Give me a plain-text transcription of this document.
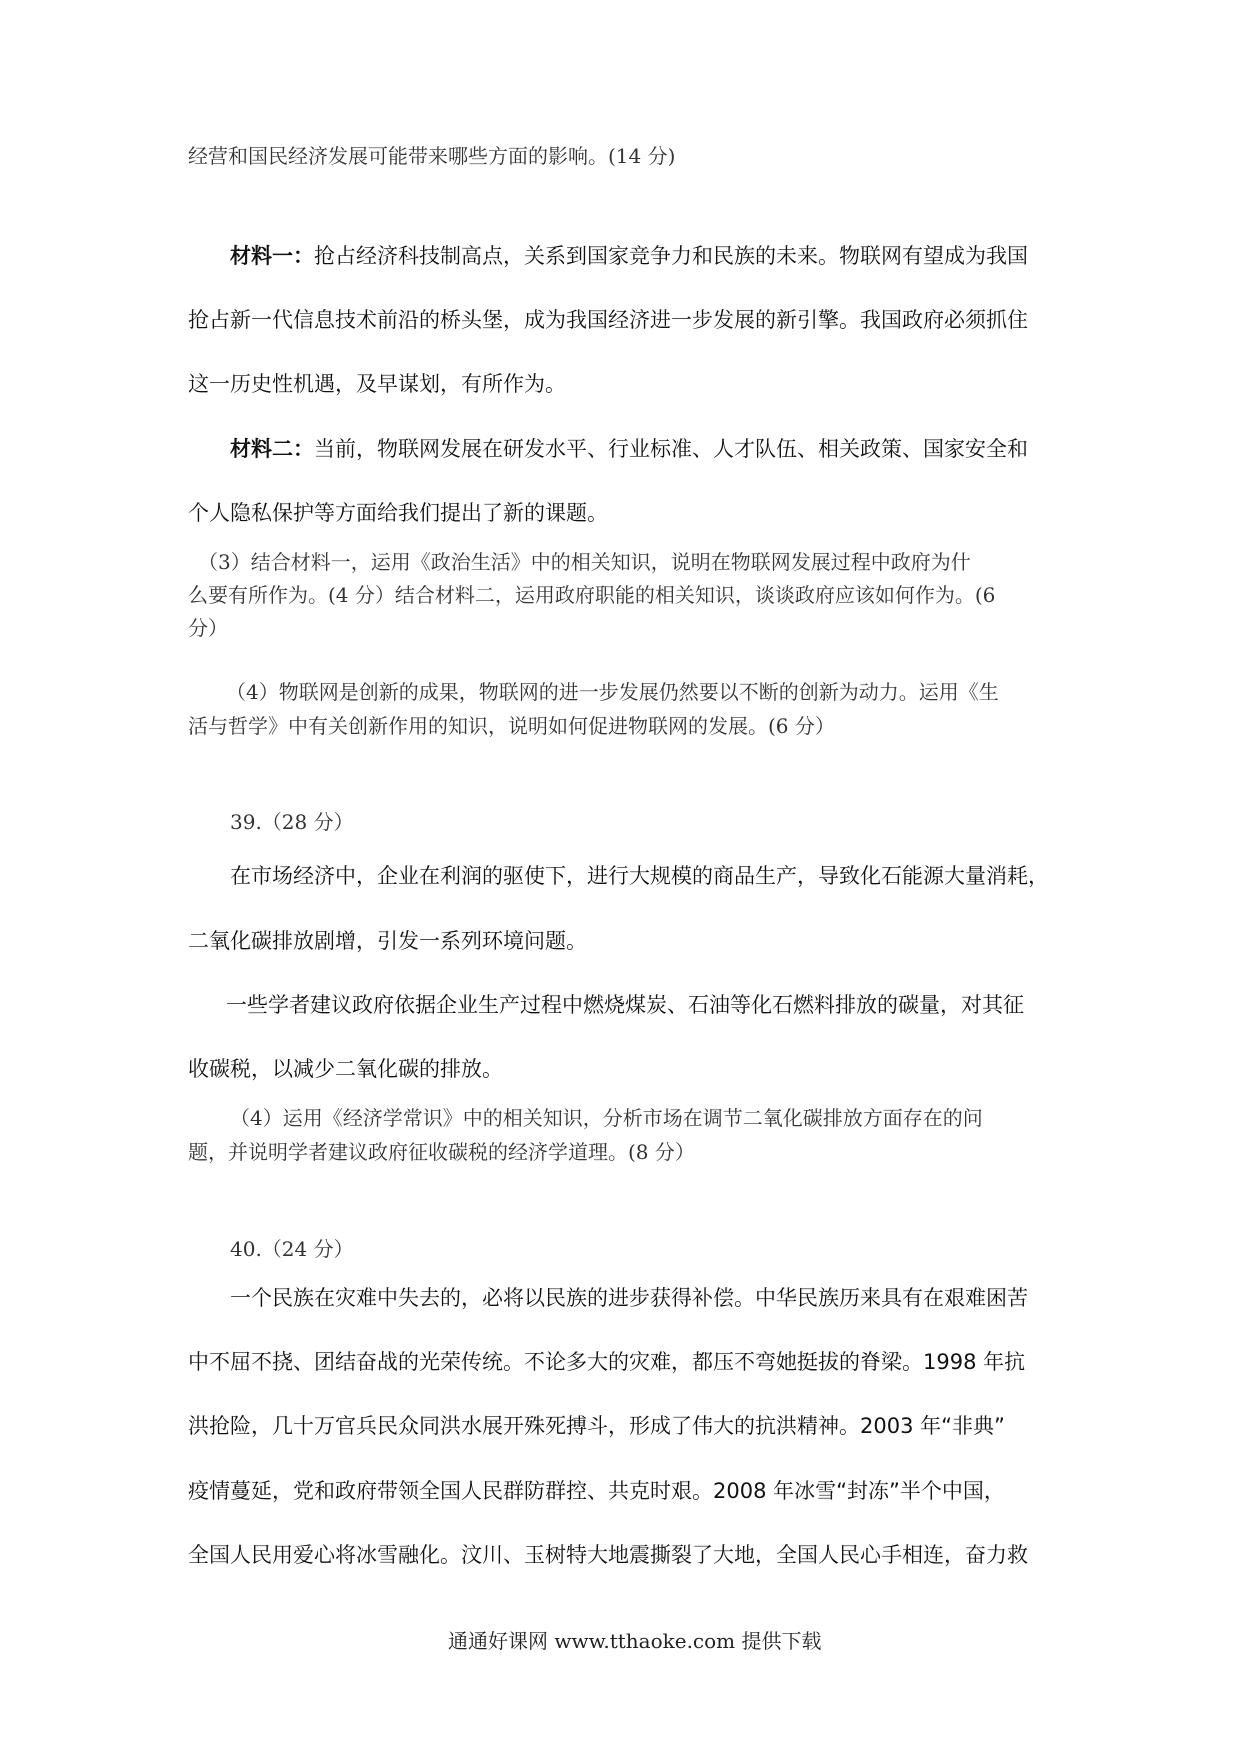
经营和国民经济发展可能带来哪些方面的影响。(14 分)
材料一：抢占经济科技制高点，关系到国家竞争力和民族的未来。物联网有望成为我国
抢占新一代信息技术前沿的桥头堡，成为我国经济进一步发展的新引擎。我国政府必须抓住
这一历史性机遇，及早谋划，有所作为。
材料二：当前，物联网发展在研发水平、行业标准、人才队伍、相关政策、国家安全和
个人隐私保护等方面给我们提出了新的课题。
（3）结合材料一，运用《政治生活》中的相关知识，说明在物联网发展过程中政府为什
么要有所作为。(4 分）结合材料二，运用政府职能的相关知识，谈谈政府应该如何作为。(6
分）
（4）物联网是创新的成果，物联网的进一步发展仍然要以不断的创新为动力。运用《生
活与哲学》中有关创新作用的知识，说明如何促进物联网的发展。(6 分）
39.（28 分）
在市场经济中，企业在利润的驱使下，进行大规模的商品生产，导致化石能源大量消耗，
二氧化碳排放剧增，引发一系列环境问题。
一些学者建议政府依据企业生产过程中燃烧煤炭、石油等化石燃料排放的碳量，对其征
收碳税，以减少二氧化碳的排放。
（4）运用《经济学常识》中的相关知识，分析市场在调节二氧化碳排放方面存在的问
题，并说明学者建议政府征收碳税的经济学道理。(8 分）
40.（24 分）
一个民族在灾难中失去的，必将以民族的进步获得补偿。中华民族历来具有在艰难困苦
中不屈不挠、团结奋战的光荣传统。不论多大的灾难，都压不弯她挺拔的脊梁。1998 年抗
洪抢险，几十万官兵民众同洪水展开殊死搏斗，形成了伟大的抗洪精神。2003 年“非典”
疫情蔓延，党和政府带领全国人民群防群控、共克时艰。2008 年冰雪“封冻”半个中国，
全国人民用爱心将冰雪融化。汶川、玉树特大地震撕裂了大地，全国人民心手相连，奋力救
通通好课网 www.tthaoke.com 提供下载
